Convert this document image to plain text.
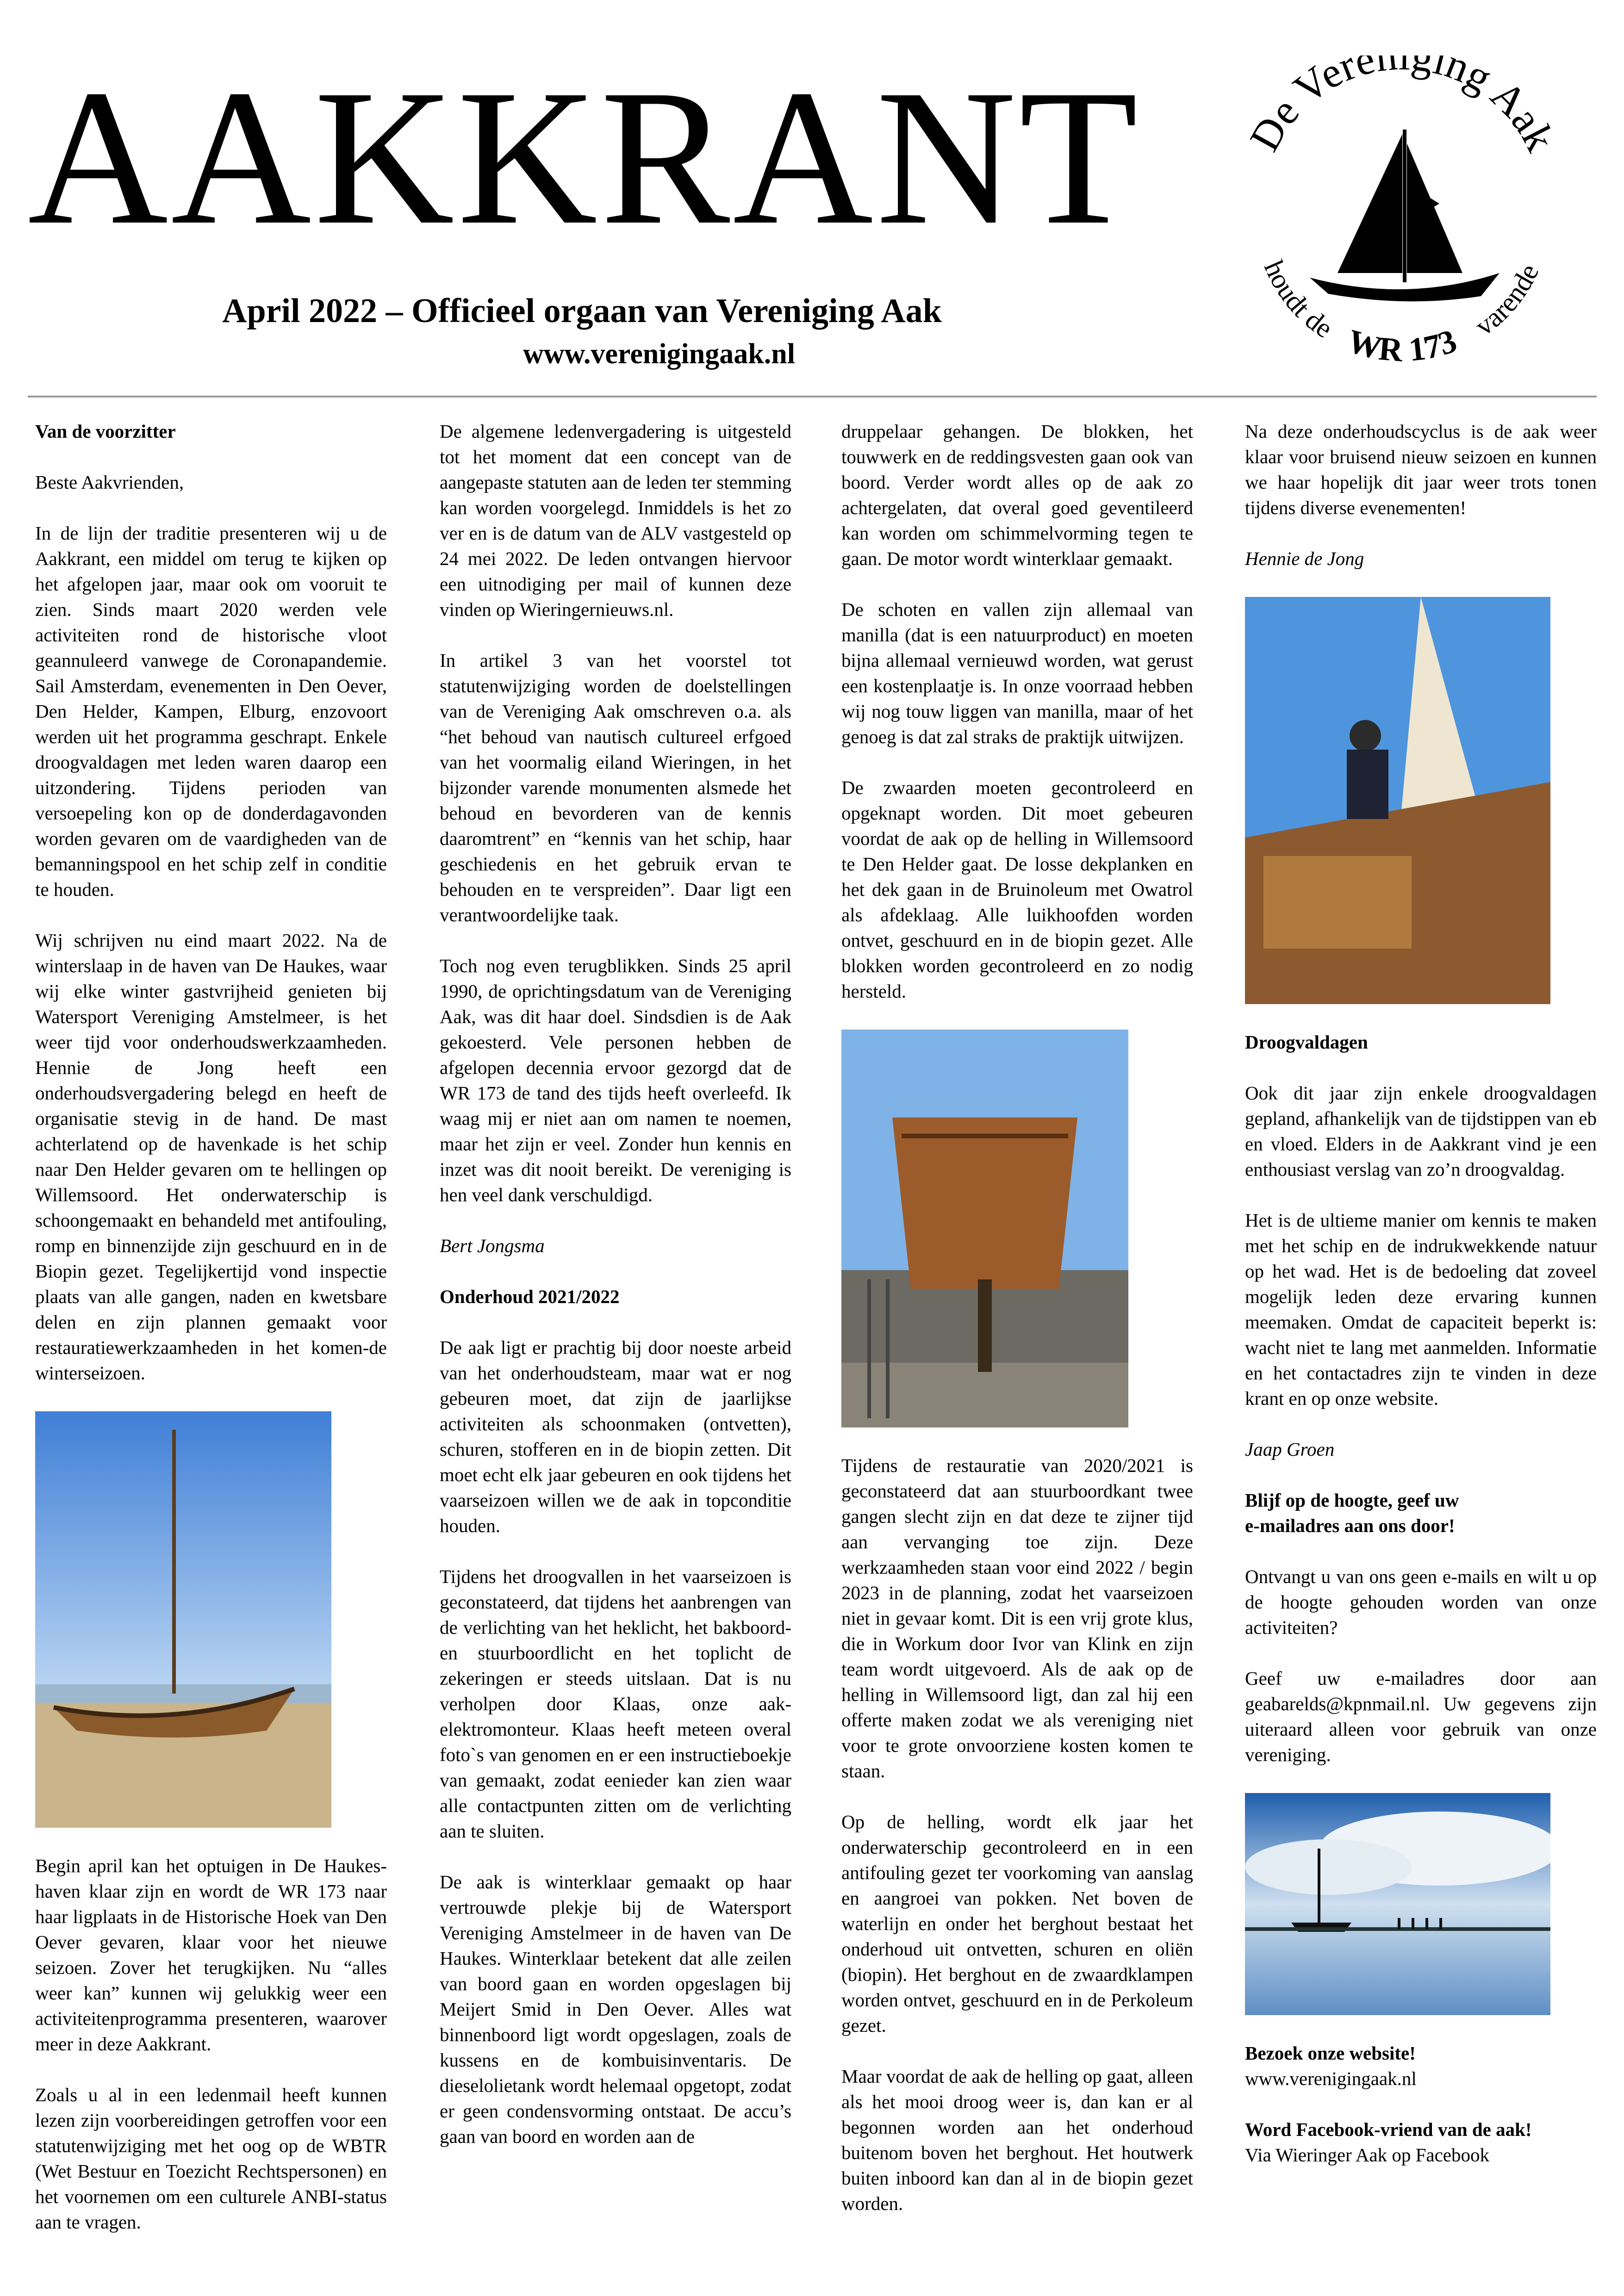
AAKKRANT
April 2022 – Officieel orgaan van Vereniging Aak
www.verenigingaak.nl
De Veren ging Aak
houdt de WR 173 varende
Van de voorzitter

Beste Aakvrienden,

In de lijn der traditie presenteren wij u de Aakkrant, een middel om terug te kijken op het afgelopen jaar, maar ook om vooruit te zien. Sinds maart 2020 werden vele activiteiten rond de historische vloot geannuleerd vanwege de Coronapandemie. Sail Amsterdam, evenementen in Den Oever, Den Helder, Kampen, Elburg, enzovoort werden uit het programma geschrapt. Enkele droogvaldagen met leden waren daarop een uitzondering. Tijdens perioden van versoepeling kon op de donderdagavonden worden gevaren om de vaardigheden van de bemanningspool en het schip zelf in conditie te houden.

Wij schrijven nu eind maart 2022. Na de winterslaap in de haven van De Haukes, waar wij elke winter gastvrijheid genieten bij Watersport Vereniging Amstelmeer, is het weer tijd voor onderhoudswerkzaamheden. Hennie de Jong heeft een onderhoudsvergadering belegd en heeft de organisatie stevig in de hand. De mast achterlatend op de havenkade is het schip naar Den Helder gevaren om te hellingen op Willemsoord. Het onderwaterschip is schoongemaakt en behandeld met antifouling, romp en binnenzijde zijn geschuurd en in de Biopin gezet. Tegelijkertijd vond inspectie plaats van alle gangen, naden en kwetsbare delen en zijn plannen gemaakt voor restauratiewerkzaamheden in het komen-de winterseizoen.

Begin april kan het optuigen in De Haukes-haven klaar zijn en wordt de WR 173 naar haar ligplaats in de Historische Hoek van Den Oever gevaren, klaar voor het nieuwe seizoen. Zover het terugkijken. Nu “alles weer kan” kunnen wij gelukkig weer een activiteitenprogramma presenteren, waarover meer in deze Aakkrant.

Zoals u al in een ledenmail heeft kunnen lezen zijn voorbereidingen getroffen voor een statutenwijziging met het oog op de WBTR (Wet Bestuur en Toezicht Rechtspersonen) en het voornemen om een culturele ANBI-status aan te vragen.

De algemene ledenvergadering is uitgesteld tot het moment dat een concept van de aangepaste statuten aan de leden ter stemming kan worden voorgelegd. Inmiddels is het zo ver en is de datum van de ALV vastgesteld op 24 mei 2022. De leden ontvangen hiervoor een uitnodiging per mail of kunnen deze vinden op Wieringernieuws.nl.

In artikel 3 van het voorstel tot statutenwijziging worden de doelstellingen van de Vereniging Aak omschreven o.a. als “het behoud van nautisch cultureel erfgoed van het voormalig eiland Wieringen, in het bijzonder varende monumenten alsmede het behoud en bevorderen van de kennis daaromtrent” en “kennis van het schip, haar geschiedenis en het gebruik ervan te behouden en te verspreiden”. Daar ligt een verantwoordelijke taak.

Toch nog even terugblikken. Sinds 25 april 1990, de oprichtingsdatum van de Vereniging Aak, was dit haar doel. Sindsdien is de Aak gekoesterd. Vele personen hebben de afgelopen decennia ervoor gezorgd dat de WR 173 de tand des tijds heeft overleefd. Ik waag mij er niet aan om namen te noemen, maar het zijn er veel. Zonder hun kennis en inzet was dit nooit bereikt. De vereniging is hen veel dank verschuldigd.

Bert Jongsma

Onderhoud 2021/2022

De aak ligt er prachtig bij door noeste arbeid van het onderhoudsteam, maar wat er nog gebeuren moet, dat zijn de jaarlijkse activiteiten als schoonmaken (ontvetten), schuren, stofferen en in de biopin zetten. Dit moet echt elk jaar gebeuren en ook tijdens het vaarseizoen willen we de aak in topconditie houden.

Tijdens het droogvallen in het vaarseizoen is geconstateerd, dat tijdens het aanbrengen van de verlichting van het heklicht, het bakboord- en stuurboordlicht en het toplicht de zekeringen er steeds uitslaan. Dat is nu verholpen door Klaas, onze aak-elektromonteur. Klaas heeft meteen overal foto`s van genomen en er een instructieboekje van gemaakt, zodat eenieder kan zien waar alle contactpunten zitten om de verlichting aan te sluiten.

De aak is winterklaar gemaakt op haar vertrouwde plekje bij de Watersport Vereniging Amstelmeer in de haven van De Haukes. Winterklaar betekent dat alle zeilen van boord gaan en worden opgeslagen bij Meijert Smid in Den Oever. Alles wat binnenboord ligt wordt opgeslagen, zoals de kussens en de kombuisinventaris. De dieselolietank wordt helemaal opgetopt, zodat er geen condensvorming ontstaat. De accu’s gaan van boord en worden aan de

druppelaar gehangen. De blokken, het touwwerk en de reddingsvesten gaan ook van boord. Verder wordt alles op de aak zo achtergelaten, dat overal goed geventileerd kan worden om schimmelvorming tegen te gaan. De motor wordt winterklaar gemaakt.

De schoten en vallen zijn allemaal van manilla (dat is een natuurproduct) en moeten bijna allemaal vernieuwd worden, wat gerust een kostenplaatje is. In onze voorraad hebben wij nog touw liggen van manilla, maar of het genoeg is dat zal straks de praktijk uitwijzen.

De zwaarden moeten gecontroleerd en opgeknapt worden. Dit moet gebeuren voordat de aak op de helling in Willemsoord te Den Helder gaat. De losse dekplanken en het dek gaan in de Bruinoleum met Owatrol als afdeklaag. Alle luikhoofden worden ontvet, geschuurd en in de biopin gezet. Alle blokken worden gecontroleerd en zo nodig hersteld.

Tijdens de restauratie van 2020/2021 is geconstateerd dat aan stuurboordkant twee gangen slecht zijn en dat deze te zijner tijd aan vervanging toe zijn. Deze werkzaamheden staan voor eind 2022 / begin 2023 in de planning, zodat het vaarseizoen niet in gevaar komt. Dit is een vrij grote klus, die in Workum door Ivor van Klink en zijn team wordt uitgevoerd. Als de aak op de helling in Willemsoord ligt, dan zal hij een offerte maken zodat we als vereniging niet voor te grote onvoorziene kosten komen te staan.

Op de helling, wordt elk jaar het onderwaterschip gecontroleerd en in een antifouling gezet ter voorkoming van aanslag en aangroei van pokken. Net boven de waterlijn en onder het berghout bestaat het onderhoud uit ontvetten, schuren en oliën (biopin). Het berghout en de zwaardklampen worden ontvet, geschuurd en in de Perkoleum gezet.

Maar voordat de aak de helling op gaat, alleen als het mooi droog weer is, dan kan er al begonnen worden aan het onderhoud buitenom boven het berghout. Het houtwerk buiten inboord kan dan al in de biopin gezet worden.

Na deze onderhoudscyclus is de aak weer klaar voor bruisend nieuw seizoen en kunnen we haar hopelijk dit jaar weer trots tonen tijdens diverse evenementen!

Hennie de Jong

Droogvaldagen

Ook dit jaar zijn enkele droogvaldagen gepland, afhankelijk van de tijdstippen van eb en vloed. Elders in de Aakkrant vind je een enthousiast verslag van zo’n droogvaldag.

Het is de ultieme manier om kennis te maken met het schip en de indrukwekkende natuur op het wad. Het is de bedoeling dat zoveel mogelijk leden deze ervaring kunnen meemaken. Omdat de capaciteit beperkt is: wacht niet te lang met aanmelden. Informatie en het contactadres zijn te vinden in deze krant en op onze website.

Jaap Groen

Blijf op de hoogte, geef uw
e-mailadres aan ons door!

Ontvangt u van ons geen e-mails en wilt u op de hoogte gehouden worden van onze activiteiten?

Geef uw e-mailadres door aan geabarelds@kpnmail.nl. Uw gegevens zijn uiteraard alleen voor gebruik van onze vereniging.

Bezoek onze website!

www.verenigingaak.nl

Word Facebook-vriend van de aak!

Via Wieringer Aak op Facebook
